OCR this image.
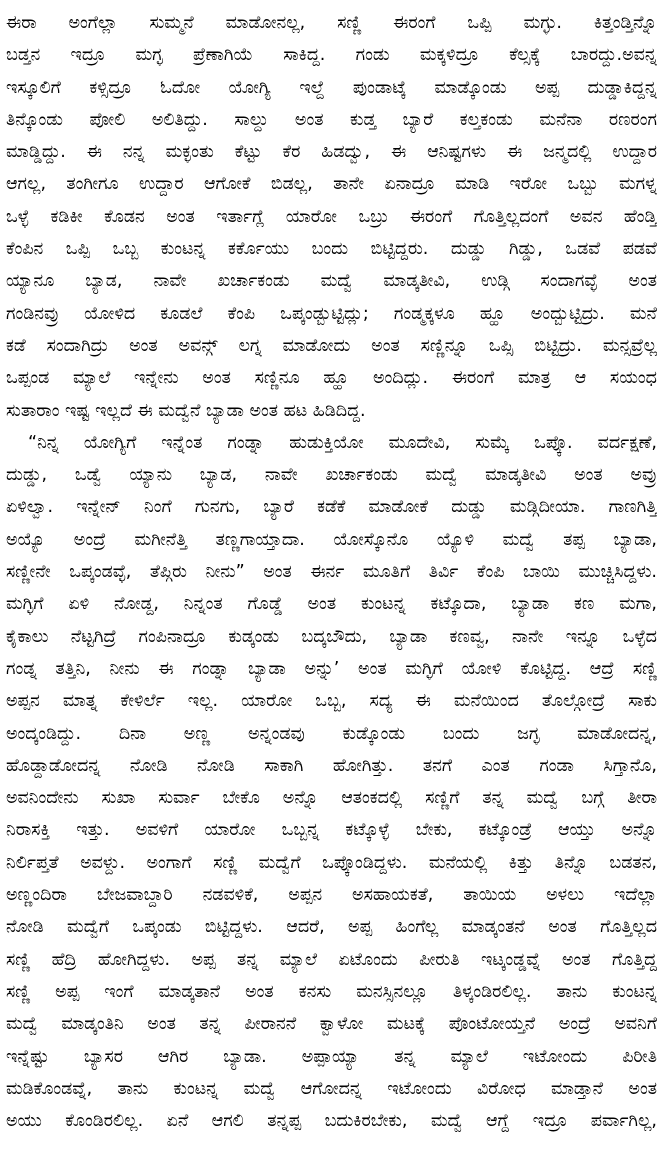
ಈರಾ ಅಂಗೆಲ್ಲಾ ಸುಮ್ಮನೆ ಮಾಡೋನಲ್ಲ, ಸಣ್ಣಿ ಈರಂಗೆ ಒಪ್ಪಿ ಮಗ್ಳು. ಕಿತ್ತಂಡ್ತಿನ್ನೊ
ಬಡ್ತನ ಇದ್ರೂ ಮಗ್ಳ ಪ್ರೆಣಾಗಿಯೆ ಸಾಕಿದ್ದ. ಗಂಡು ಮಕ್ಕಳಿದ್ರೂ ಕೆಲ್ಸಕ್ಕೆ ಬಾರದ್ದು.ಅವನ್ನ
ಇಸ್ಕೂಲಿಗೆ ಕಳ್ಸಿದ್ರೂ ಓದೋ ಯೋಗ್ಯಿ ಇಲ್ದೆ ಪುಂಡಾಟ್ಕೆ ಮಾಡ್ಕೊಂಡು ಅಪ್ಪ ದುಡ್ಡಾಕಿದ್ದನ್ನ
ತಿನ್ಕೊಂಡು ಪೋಲಿ ಅಲಿತಿದ್ದು. ಸಾಲ್ದು ಅಂತ ಕುಡ್ತ ಬ್ಯಾರೆ ಕಲ್ತಕಂಡು ಮನೆನಾ ರಣರಂಗ
ಮಾಡ್ಡಿದ್ದು. ಈ ನನ್ನ ಮಕ್ಳಂತು ಕೆಟ್ಟು ಕೆರ ಹಿಡದ್ವು, ಈ ಆನಿಷ್ಟಗಳು ಈ ಜನ್ಮದಲ್ಲಿ ಉದ್ದಾರ
ಆಗಲ್ಲ, ತಂಗೀಗೂ ಉದ್ದಾರ ಆಗೋಕೆ ಬಿಡಲ್ಲ, ತಾನೇ ಏನಾದ್ರೂ ಮಾಡಿ ಇರೋ ಒಬ್ಬು ಮಗಳ್ನ
ಒಳ್ಳೆ ಕಡಿಕೀ ಕೊಡನ ಅಂತ ಇರ್ತಾಗ್ಲೆ ಯಾರೋ ಒಬ್ರು ಈರಂಗೆ ಗೊತ್ತಿಲ್ಲದಂಗೆ ಅವನ ಹೆಂಡ್ತಿ
ಕೆಂಪಿನ ಒಪ್ಪಿ ಒಬ್ಬ ಕುಂಟನ್ನ ಕರ್ಕೊಯು ಬಂದು ಬಿಟ್ಟಿದ್ದರು. ದುಡ್ಡು ಗಿಡ್ಡು, ಒಡವೆ ಪಡವೆ
ಯ್ಯಾನೂ ಬ್ಯಾಡ, ನಾವೇ ಖರ್ಚಾಕಂಡು ಮದ್ವೆ ಮಾಡ್ಕತೀವಿ, ಉಡ್ಗಿ ಸಂದಾಗವ್ಳೆ ಅಂತ
ಗಂಡಿನವ್ರು ಯೋಳಿದ ಕೂಡಲೆ ಕೆಂಪಿ ಒಪ್ಕಂಡ್ಬುಟ್ಟಿದ್ಲು; ಗಂಡ್ಮಕ್ಕಳೂ ಹ್ಹೂ ಅಂದ್ಬುಟ್ಟಿದ್ರು. ಮನೆ
ಕಡೆ ಸಂದಾಗಿದ್ರು ಅಂತ ಅವನ್ಗ್ ಲಗ್ನ ಮಾಡೋದು ಅಂತ ಸಣ್ಣಿನ್ನೂ ಒಪ್ಸಿ ಬಿಟ್ಟಿದ್ರು. ಮನ್ಸವ್ರೆಲ್ಲ
ಒಪ್ಪಂಡ ಮ್ಯಾಲೆ ಇನ್ನೇನು ಅಂತ ಸಣ್ಣಿನೂ ಹ್ಹೂ ಅಂದಿದ್ಲು. ಈರಂಗೆ ಮಾತ್ರ ಆ ಸಯಂಧ
ಸುತಾರಾಂ ಇಷ್ಟ ಇಲ್ಲದೆ ಈ ಮದ್ವೆನೆ ಬ್ಯಾಡಾ ಅಂತ ಹಟ ಹಿಡಿದಿದ್ದ.
“ನಿನ್ನ ಯೋಗ್ಯಿಗೆ ಇನ್ನೆಂತ ಗಂಡ್ನಾ ಹುಡುಕ್ತಿಯೋ ಮೂದೇವಿ, ಸುಮ್ಕೆ ಒಪ್ಕೊ. ವರ್ದಕ್ಷಣೆ,
ದುಡ್ಡು, ಒಡ್ವೆ ಯ್ಯಾನು ಬ್ಯಾಡ, ನಾವೇ ಖರ್ಚಾಕಂಡು ಮದ್ವೆ ಮಾಡ್ಕತೀವಿ ಅಂತ ಅವ್ರು
ಏಳಿಲ್ವಾ. ಇನ್ನೇನ್ ನಿಂಗೆ ಗುನಗು, ಬ್ಯಾರೆ ಕಡೆಕೆ ಮಾಡೋಕೆ ದುಡ್ಡು ಮಡ್ಗಿದೀಯಾ. ಗಾಣಗಿತ್ತಿ
ಅಯ್ಯೊ ಅಂದ್ರೆ ಮಗೀನೆತ್ತಿ ತಣ್ಣಗಾಯ್ತಾದಾ. ಯೋಸ್ಕೊನೊ ಯ್ಯೊಳಿ ಮದ್ವೆ ತಪ್ಪ ಬ್ಯಾಡಾ,
ಸಣ್ಣೀನೇ ಒಪ್ಕಂಡವ್ಳೆ, ತೆಪ್ಗಿರು ನೀನು” ಅಂತ ಈರ್ನ ಮೂತಿಗೆ ತಿರ್ವಿ ಕೆಂಪಿ ಬಾಯಿ ಮುಚ್ಚಿಸಿದ್ದಳು.
ಮಗ್ಳಿಗೆ ಏಳಿ ನೋಡ್ದ, ನಿನ್ನಂತ ಗೊಡ್ಡೆ ಅಂತ ಕುಂಟನ್ನ ಕಟ್ಕೊದಾ, ಬ್ಯಾಡಾ ಕಣ ಮಗಾ,
ಕೈಕಾಲು ನೆಟ್ಟಗಿದ್ರೆ ಗಂಪಿನಾದ್ರೂ ಕುಡ್ಕಂಡು ಬದ್ಕಬೌದು, ಬ್ಯಾಡಾ ಕಣವ್ವ, ನಾನೇ ಇನ್ನೂ ಒಳ್ಳೆದ
ಗಂಡ್ನ ತತ್ತಿನಿ, ನೀನು ಈ ಗಂಡ್ನಾ ಬ್ಯಾಡಾ ಅನ್ನು’ ಅಂತ ಮಗ್ಳಿಗೆ ಯೋಳಿ ಕೊಟ್ಟಿದ್ದ. ಆದ್ರೆ ಸಣ್ಣಿ
ಅಪ್ಪನ ಮಾತ್ನ ಕೇಳಿರ್ಲೆ ಇಲ್ಲ. ಯಾರೋ ಒಬ್ಬ, ಸದ್ಯ ಈ ಮನೆಯಿಂದ ತೊಲ್ಗೋದ್ರೆ ಸಾಕು
ಅಂದ್ಕಂಡಿದ್ದು. ದಿನಾ ಅಣ್ಣ ಅನ್ನಂಡವು ಕುಡ್ಕೊಂಡು ಬಂದು ಜಗ್ಳ ಮಾಡೋದನ್ನ,
ಹೊಡ್ದಾಡೋದನ್ನ ನೋಡಿ ನೋಡಿ ಸಾಕಾಗಿ ಹೋಗಿತ್ತು. ತನಗೆ ಎಂತ ಗಂಡಾ ಸಿಗ್ತಾನೊ,
ಅವನಿಂದೇನು ಸುಖಾ ಸುರ್ವಾ ಬೇಕೊ ಅನ್ನೊ ಆತಂಕದಲ್ಲಿ ಸಣ್ಣಿಗೆ ತನ್ನ ಮದ್ವೆ ಬಗ್ಗೆ ತೀರಾ
ನಿರಾಸಕ್ತಿ ಇತ್ತು. ಅವಳಿಗೆ ಯಾರೋ ಒಬ್ಬನ್ನ ಕಟ್ಕೊಳ್ಳೆ ಬೇಕು, ಕಟ್ಕೊಂಡ್ರೆ ಆಯ್ತು ಅನ್ನೊ
ನಿರ್ಲಿಪ್ತತೆ ಅವಳ್ದು. ಅಂಗಾಗೆ ಸಣ್ಣಿ ಮದ್ವೆಗೆ ಒಪ್ಕೊಂಡಿದ್ದಳು. ಮನೆಯಲ್ಲಿ ಕಿತ್ತು ತಿನ್ನೊ ಬಡತನ,
ಅಣ್ಣಂದಿರಾ ಬೇಜವಾಬ್ದಾರಿ ನಡವಳಿಕೆ, ಅಪ್ಪನ ಅಸಹಾಯಕತೆ, ತಾಯಿಯ ಅಳಲು ಇದೆಲ್ಲಾ
ನೋಡಿ ಮದ್ವೆಗೆ ಒಪ್ಕಂಡು ಬಿಟ್ಟಿದ್ದಳು. ಆದರೆ, ಅಪ್ಪ ಹಿಂಗೆಲ್ಲ ಮಾಡ್ಕಂತನೆ ಅಂತ ಗೊತ್ತಿಲ್ಲದ
ಸಣ್ಣಿ ಹೆದ್ರಿ ಹೋಗಿದ್ದಳು. ಅಪ್ಪ ತನ್ನ ಮ್ಯಾಲೆ ಏಟೊಂದು ಪೀರುತಿ ಇಟ್ಕಂಡ್ಡವ್ನೆ ಅಂತ ಗೊತ್ತಿದ್ದ
ಸಣ್ಣಿ ಅಪ್ಪ ಇಂಗೆ ಮಾಡ್ಕತಾನೆ ಅಂತ ಕನಸು ಮನಸ್ಸಿನಲ್ಲೂ ತಿಳ್ಕಂಡಿರಲಿಲ್ಲ. ತಾನು ಕುಂಟನ್ನ
ಮದ್ವೆ ಮಾಡ್ಕಂತಿನಿ ಅಂತ ತನ್ನ ಪೀರಾನನೆ ಕ್ವಾಳೋ ಮಟಕ್ಕೆ ಪೊಂಟೋಯ್ತನೆ ಅಂದ್ರೆ ಅವನಿಗೆ
ಇನ್ನೆಷ್ಟು ಬ್ಯಾಸರ ಆಗಿರ ಬ್ಯಾಡಾ. ಅಪ್ಪಾಯ್ಯಾ ತನ್ನ ಮ್ಯಾಲೆ ಇಟೋಂದು ಪಿರೀತಿ
ಮಡಿಕೊಂಡವ್ನೆ, ತಾನು ಕುಂಟನ್ನ ಮದ್ವೆ ಆಗೋದನ್ನ ಇಟೋಂದು ವಿರೋಧ ಮಾಡ್ತಾನೆ ಅಂತ
ಅಯು ಕೊಂಡಿರಲಿಲ್ಲ. ಏನೆ ಆಗಲಿ ತನ್ನಪ್ಪ ಬದುಕಿರಬೇಕು, ಮದ್ವೆ ಆಗ್ದೆ ಇದ್ರೂ ಪರ್ವಾಗಿಲ್ಲ,
